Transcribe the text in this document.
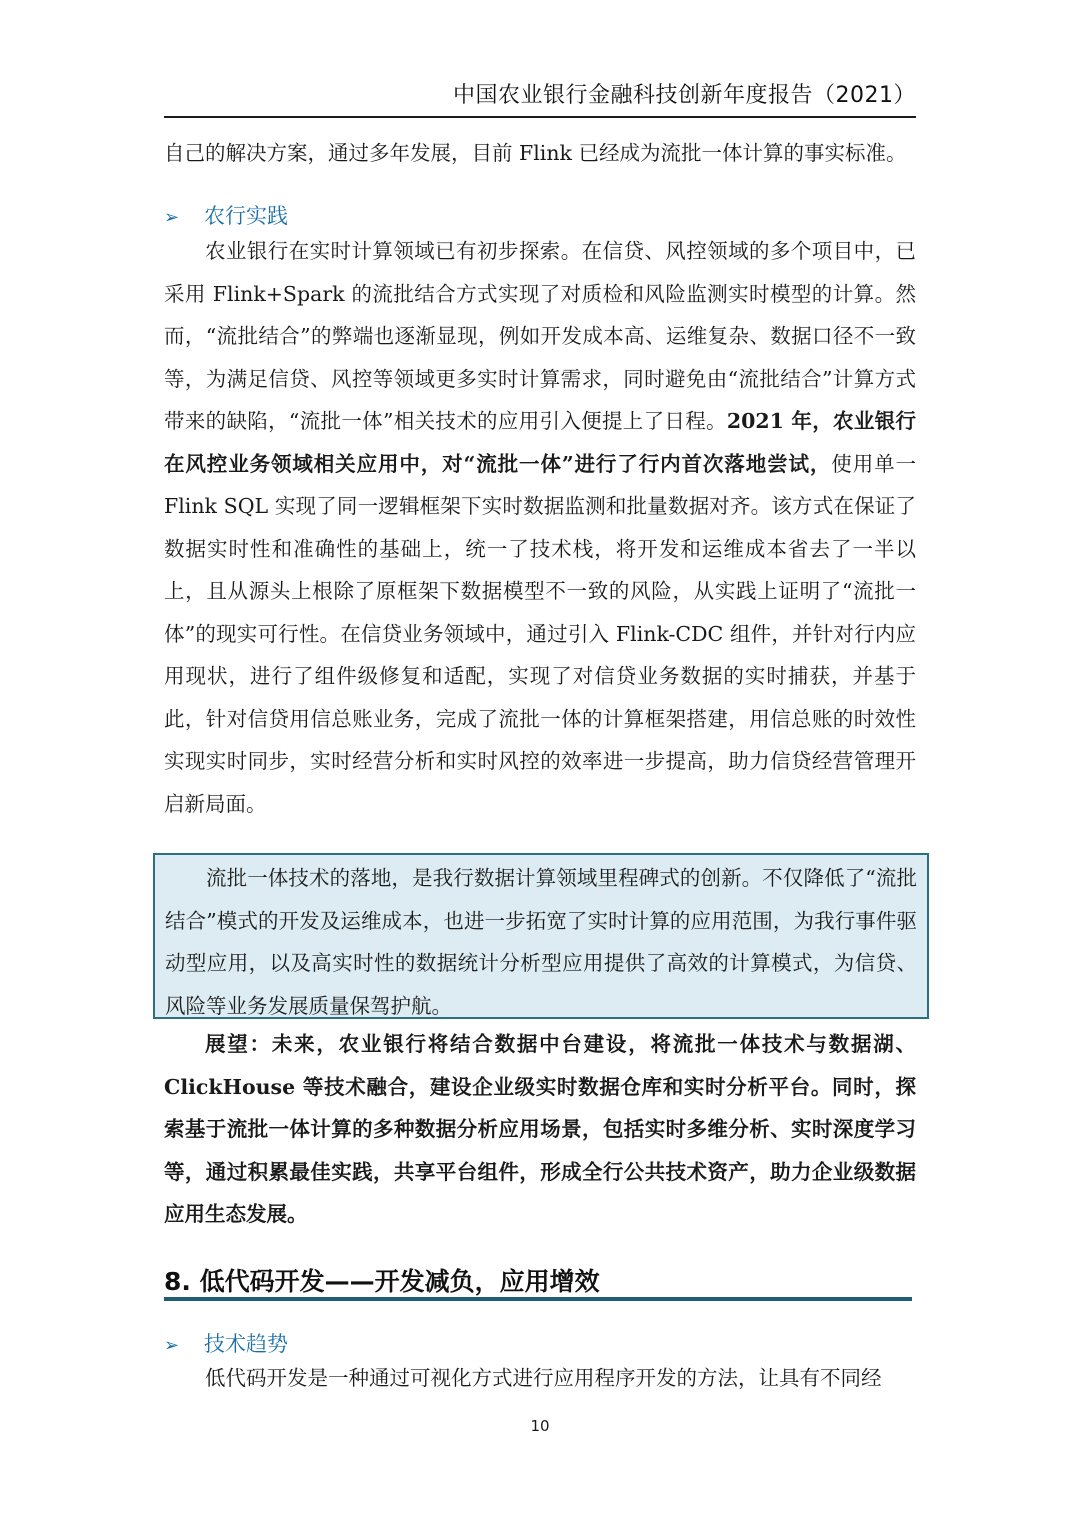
中国农业银行金融科技创新年度报告（2021）

自己的解决方案，通过多年发展，目前 Flink 已经成为流批一体计算的事实标准。

➢ 农行实践

农业银行在实时计算领域已有初步探索。在信贷、风控领域的多个项目中，已采用 Flink+Spark 的流批结合方式实现了对质检和风险监测实时模型的计算。然而，“流批结合”的弊端也逐渐显现，例如开发成本高、运维复杂、数据口径不一致等，为满足信贷、风控等领域更多实时计算需求，同时避免由“流批结合”计算方式带来的缺陷，“流批一体”相关技术的应用引入便提上了日程。2021 年，农业银行在风控业务领域相关应用中，对“流批一体”进行了行内首次落地尝试，使用单一 Flink SQL 实现了同一逻辑框架下实时数据监测和批量数据对齐。该方式在保证了数据实时性和准确性的基础上，统一了技术栈，将开发和运维成本省去了一半以上，且从源头上根除了原框架下数据模型不一致的风险，从实践上证明了“流批一体”的现实可行性。在信贷业务领域中，通过引入 Flink-CDC 组件，并针对行内应用现状，进行了组件级修复和适配，实现了对信贷业务数据的实时捕获，并基于此，针对信贷用信总账业务，完成了流批一体的计算框架搭建，用信总账的时效性实现实时同步，实时经营分析和实时风控的效率进一步提高，助力信贷经营管理开启新局面。

流批一体技术的落地，是我行数据计算领域里程碑式的创新。不仅降低了“流批结合”模式的开发及运维成本，也进一步拓宽了实时计算的应用范围，为我行事件驱动型应用，以及高实时性的数据统计分析型应用提供了高效的计算模式，为信贷、风险等业务发展质量保驾护航。

展望：未来，农业银行将结合数据中台建设，将流批一体技术与数据湖、ClickHouse 等技术融合，建设企业级实时数据仓库和实时分析平台。同时，探索基于流批一体计算的多种数据分析应用场景，包括实时多维分析、实时深度学习等，通过积累最佳实践，共享平台组件，形成全行公共技术资产，助力企业级数据应用生态发展。

8. 低代码开发——开发减负，应用增效
➢ 技术趋势

低代码开发是一种通过可视化方式进行应用程序开发的方法，让具有不同经

10
